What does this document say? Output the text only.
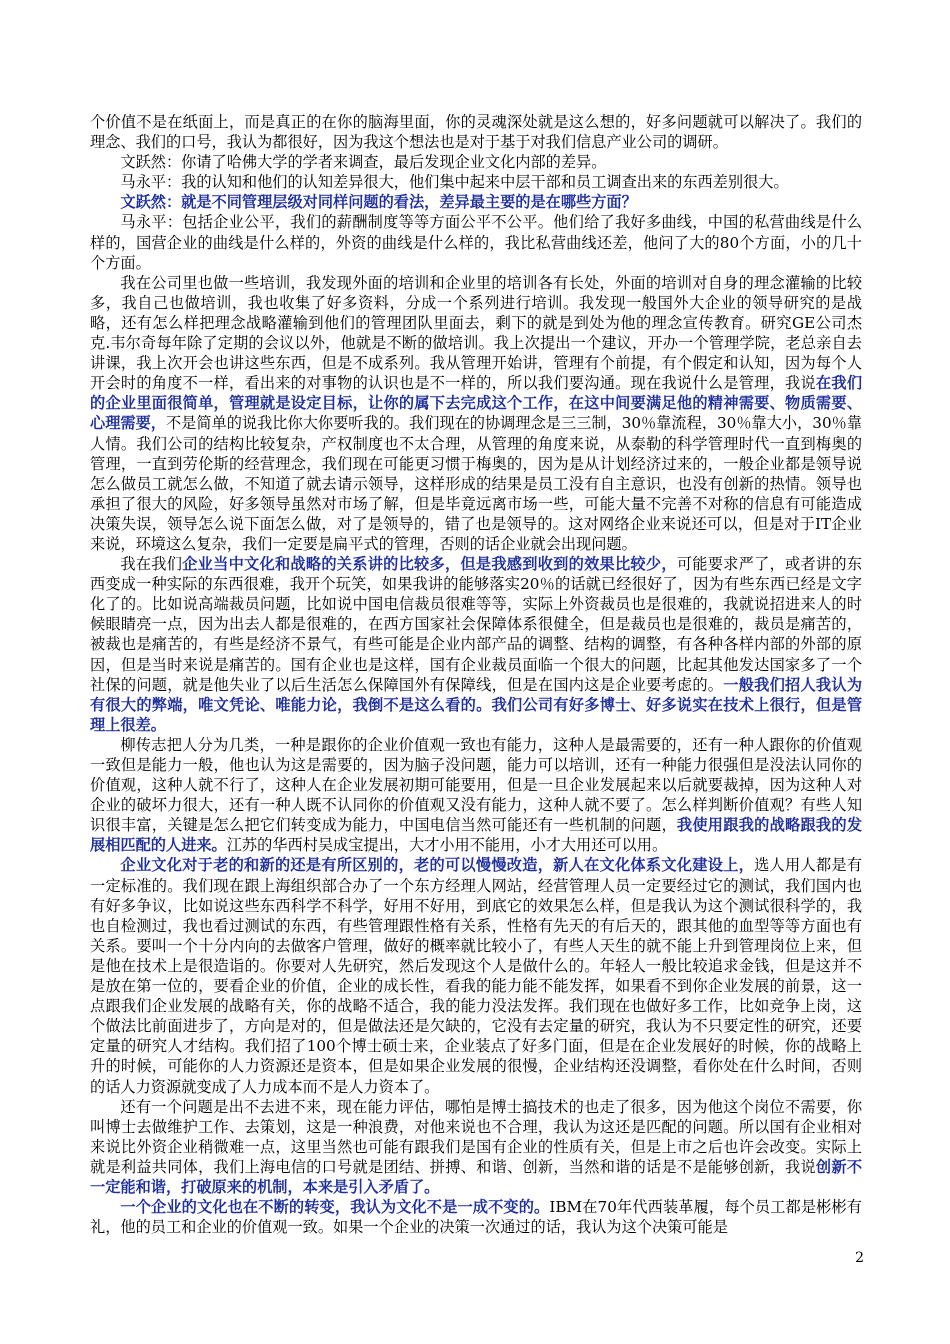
个价值不是在纸面上，而是真正的在你的脑海里面，你的灵魂深处就是这么想的，好多问题就可以解决了。我们的理念、我们的口号，我认为都很好，因为我这个想法也是对于基于对我们信息产业公司的调研。

文跃然：你请了哈佛大学的学者来调查，最后发现企业文化内部的差异。

马永平：我的认知和他们的认知差异很大，他们集中起来中层干部和员工调查出来的东西差别很大。

文跃然：就是不同管理层级对同样问题的看法，差异最主要的是在哪些方面？

马永平：包括企业公平，我们的薪酬制度等等方面公平不公平。他们给了我好多曲线，中国的私营曲线是什么样的，国营企业的曲线是什么样的，外资的曲线是什么样的，我比私营曲线还差，他问了大的80个方面，小的几十个方面。

我在公司里也做一些培训，我发现外面的培训和企业里的培训各有长处，外面的培训对自身的理念灌输的比较多，我自己也做培训，我也收集了好多资料，分成一个系列进行培训。我发现一般国外大企业的领导研究的是战略，还有怎么样把理念战略灌输到他们的管理团队里面去，剩下的就是到处为他的理念宣传教育。研究GE公司杰克.韦尔奇每年除了定期的会议以外，他就是不断的做培训。我上次提出一个建议，开办一个管理学院，老总亲自去讲课，我上次开会也讲这些东西，但是不成系列。我从管理开始讲，管理有个前提，有个假定和认知，因为每个人开会时的角度不一样，看出来的对事物的认识也是不一样的，所以我们要沟通。现在我说什么是管理，我说在我们的企业里面很简单，管理就是设定目标，让你的属下去完成这个工作，在这中间要满足他的精神需要、物质需要、心理需要，不是简单的说我比你大你要听我的。我们现在的协调理念是三三制，30％靠流程，30％靠大小，30％靠人情。我们公司的结构比较复杂，产权制度也不太合理，从管理的角度来说，从泰勒的科学管理时代一直到梅奥的管理，一直到劳伦斯的经营理念，我们现在可能更习惯于梅奥的，因为是从计划经济过来的，一般企业都是领导说怎么做员工就怎么做，不知道了就去请示领导，这样形成的结果是员工没有自主意识，也没有创新的热情。领导也承担了很大的风险，好多领导虽然对市场了解，但是毕竟远离市场一些，可能大量不完善不对称的信息有可能造成决策失误，领导怎么说下面怎么做，对了是领导的，错了也是领导的。这对网络企业来说还可以，但是对于IT企业来说，环境这么复杂，我们一定要是扁平式的管理，否则的话企业就会出现问题。

我在我们企业当中文化和战略的关系讲的比较多，但是我感到收到的效果比较少，可能要求严了，或者讲的东西变成一种实际的东西很难，我开个玩笑，如果我讲的能够落实20％的话就已经很好了，因为有些东西已经是文字化了的。比如说高端裁员问题，比如说中国电信裁员很难等等，实际上外资裁员也是很难的，我就说招进来人的时候眼睛亮一点，因为出去人都是很难的，在西方国家社会保障体系很健全，但是裁员也是很难的，裁员是痛苦的，被裁也是痛苦的，有些是经济不景气，有些可能是企业内部产品的调整、结构的调整，有各种各样内部的外部的原因，但是当时来说是痛苦的。国有企业也是这样，国有企业裁员面临一个很大的问题，比起其他发达国家多了一个社保的问题，就是他失业了以后生活怎么保障国外有保障线，但是在国内这是企业要考虑的。一般我们招人我认为有很大的弊端，唯文凭论、唯能力论，我倒不是这么看的。我们公司有好多博士、好多说实在技术上很行，但是管理上很差。

柳传志把人分为几类，一种是跟你的企业价值观一致也有能力，这种人是最需要的，还有一种人跟你的价值观一致但是能力一般，他也认为这是需要的，因为脑子没问题，能力可以培训，还有一种能力很强但是没法认同你的价值观，这种人就不行了，这种人在企业发展初期可能要用，但是一旦企业发展起来以后就要裁掉，因为这种人对企业的破坏力很大，还有一种人既不认同你的价值观又没有能力，这种人就不要了。怎么样判断价值观？有些人知识很丰富，关键是怎么把它们转变成为能力，中国电信当然可能还有一些机制的问题，我使用跟我的战略跟我的发展相匹配的人进来。江苏的华西村吴成宝提出，大才小用不能用，小才大用还可以用。

企业文化对于老的和新的还是有所区别的，老的可以慢慢改造，新人在文化体系文化建设上，选人用人都是有一定标准的。我们现在跟上海组织部合办了一个东方经理人网站，经营管理人员一定要经过它的测试，我们国内也有好多争议，比如说这些东西科学不科学，好用不好用，到底它的效果怎么样，但是我认为这个测试很科学的，我也自检测过，我也看过测试的东西，有些管理跟性格有关系，性格有先天的有后天的，跟其他的血型等等方面也有关系。要叫一个十分内向的去做客户管理，做好的概率就比较小了，有些人天生的就不能上升到管理岗位上来，但是他在技术上是很造诣的。你要对人先研究，然后发现这个人是做什么的。年轻人一般比较追求金钱，但是这并不是放在第一位的，要看企业的价值，企业的成长性，看我的能力能不能发挥，如果看不到你企业发展的前景，这一点跟我们企业发展的战略有关，你的战略不适合，我的能力没法发挥。我们现在也做好多工作，比如竞争上岗，这个做法比前面进步了，方向是对的，但是做法还是欠缺的，它没有去定量的研究，我认为不只要定性的研究，还要定量的研究人才结构。我们招了100个博士硕士来，企业装点了好多门面，但是在企业发展好的时候，你的战略上升的时候，可能你的人力资源还是资本，但是如果企业发展的很慢，企业结构还没调整，看你处在什么时间，否则的话人力资源就变成了人力成本而不是人力资本了。

还有一个问题是出不去进不来，现在能力评估，哪怕是博士搞技术的也走了很多，因为他这个岗位不需要，你叫博士去做维护工作、去策划，这是一种浪费，对他来说也不合理，我认为这还是匹配的问题。所以国有企业相对来说比外资企业稍微难一点，这里当然也可能有跟我们是国有企业的性质有关，但是上市之后也许会改变。实际上就是利益共同体，我们上海电信的口号就是团结、拼搏、和谐、创新，当然和谐的话是不是能够创新，我说创新不一定能和谐，打破原来的机制，本来是引入矛盾了。

一个企业的文化也在不断的转变，我认为文化不是一成不变的。IBM在70年代西装革履，每个员工都是彬彬有礼，他的员工和企业的价值观一致。如果一个企业的决策一次通过的话，我认为这个决策可能是

2
